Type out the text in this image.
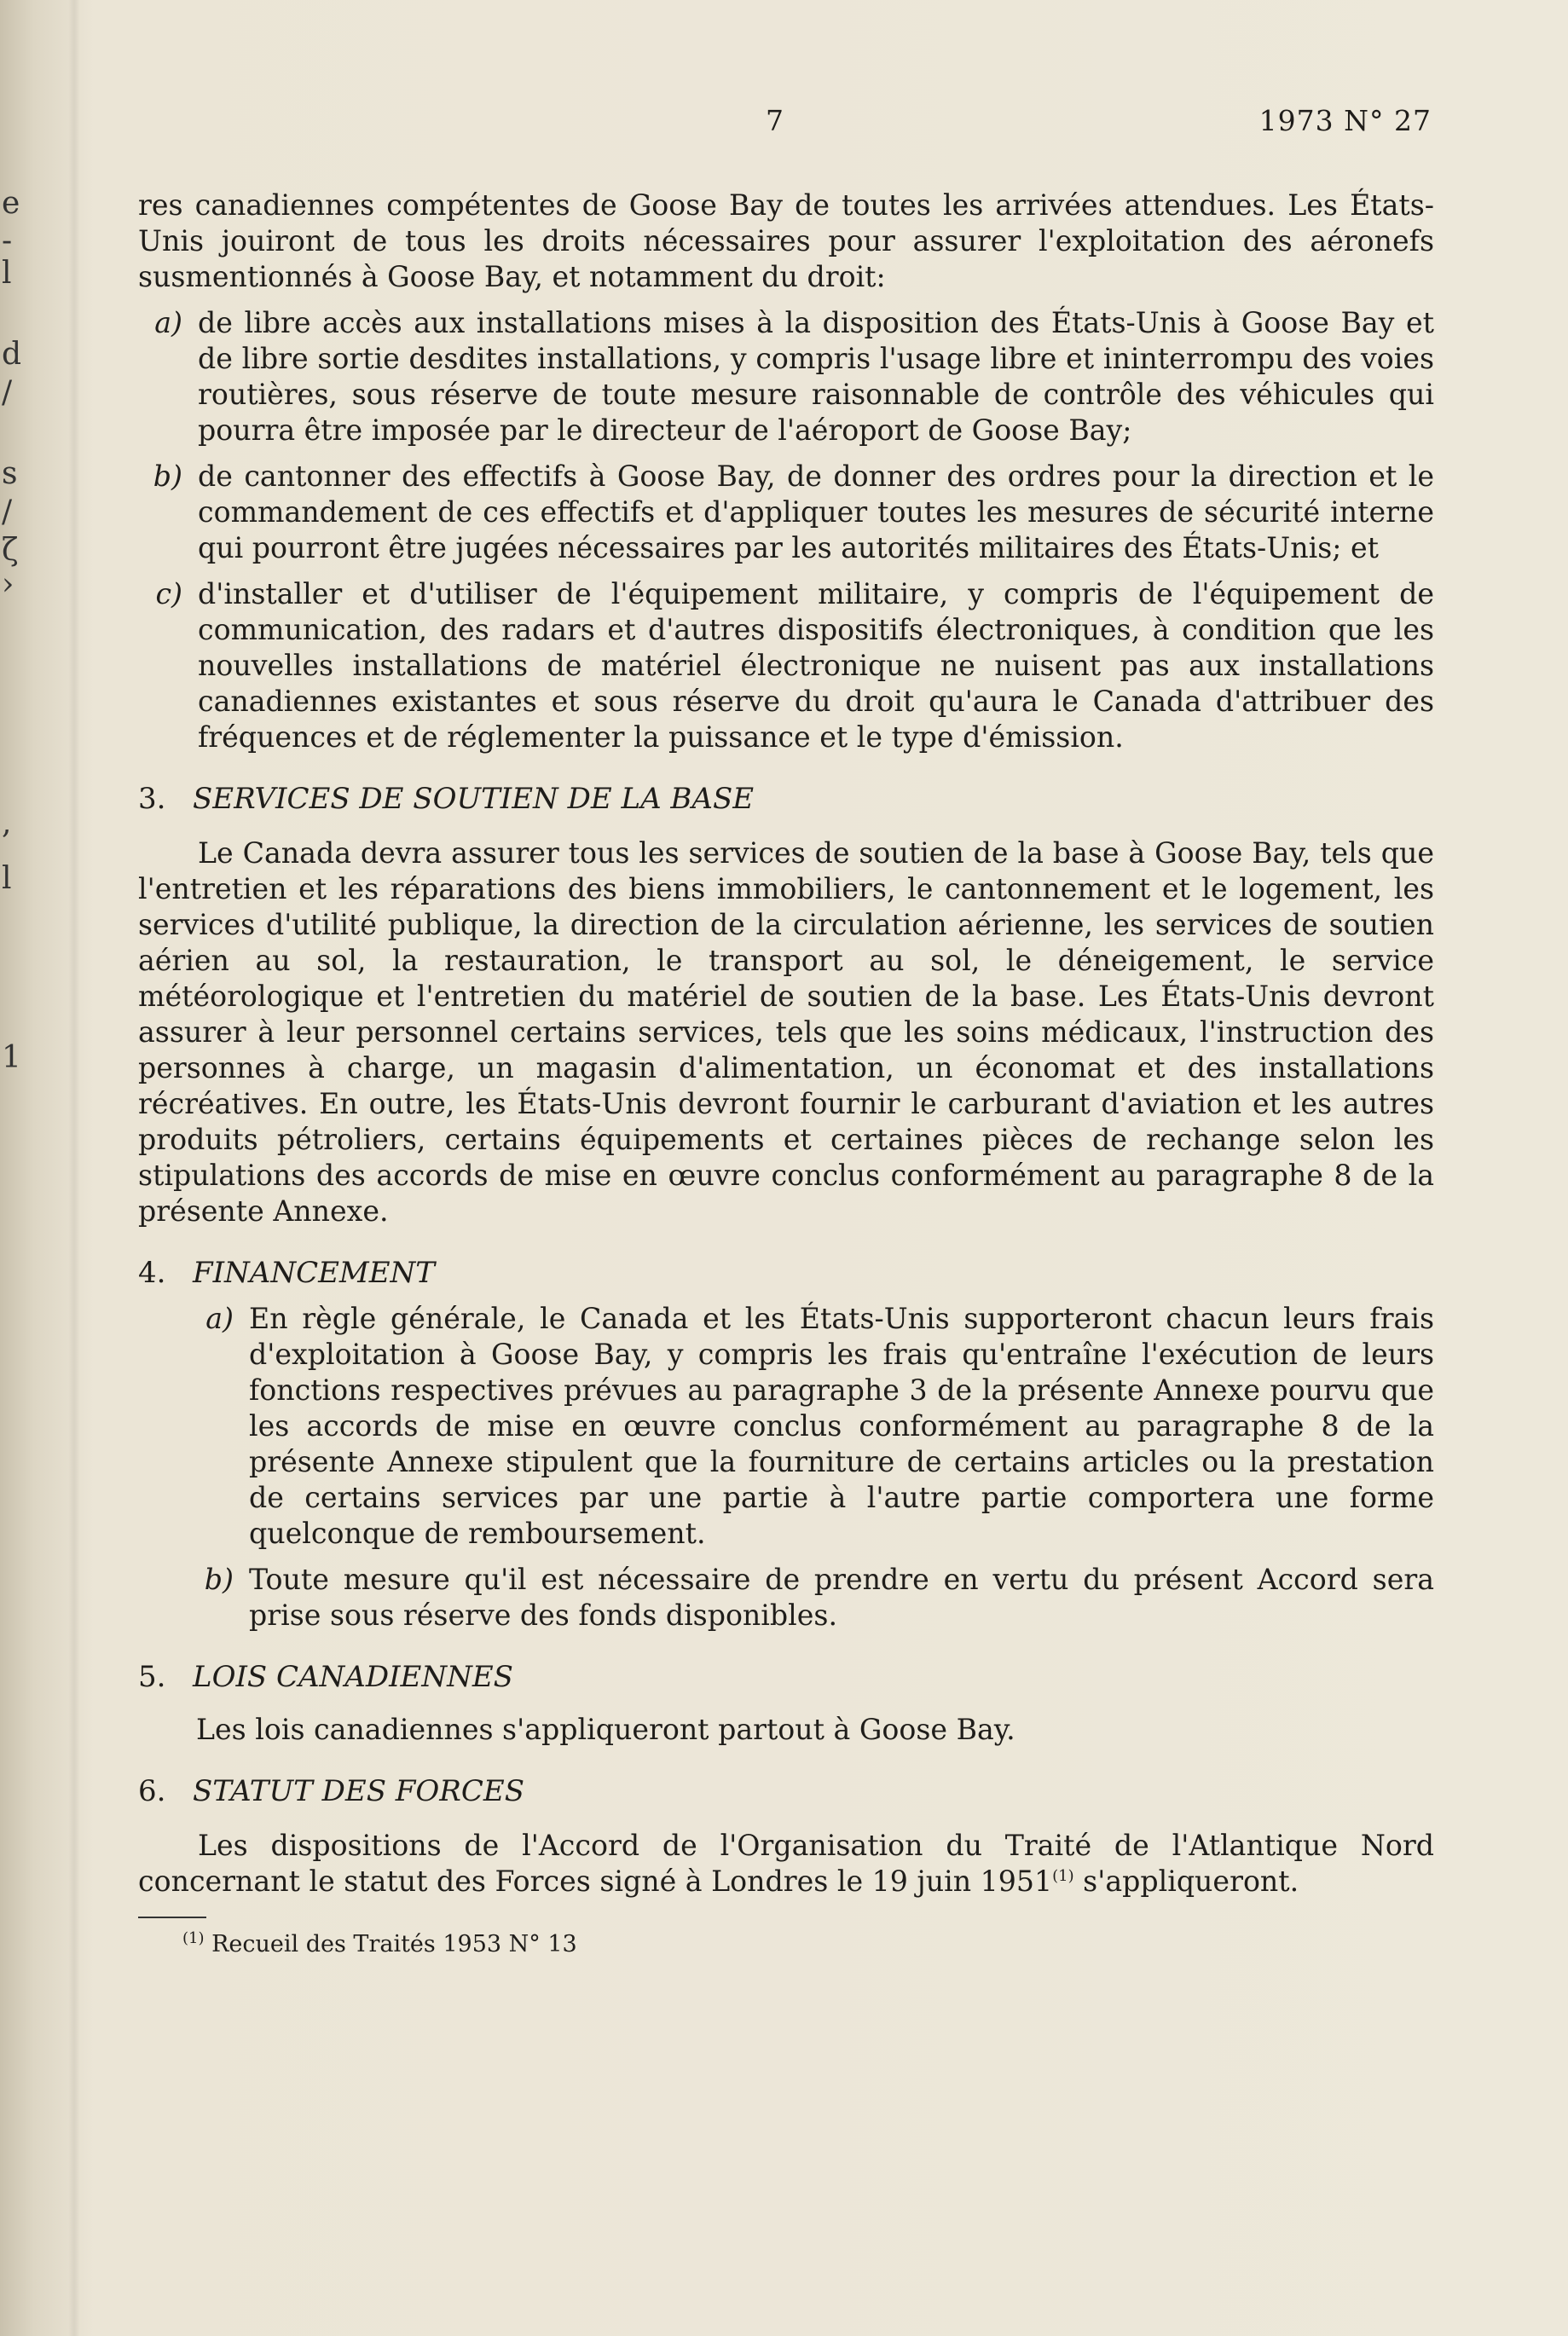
e
-
l
d
/
s
/
ζ
›
,
l
1
7	1973 N° 27

res canadiennes compétentes de Goose Bay de toutes les arrivées attendues. Les États-Unis jouiront de tous les droits nécessaires pour assurer l'exploitation des aéronefs susmentionnés à Goose Bay, et notamment du droit:

a) de libre accès aux installations mises à la disposition des États-Unis à Goose Bay et de libre sortie desdites installations, y compris l'usage libre et ininterrompu des voies routières, sous réserve de toute mesure raisonnable de contrôle des véhicules qui pourra être imposée par le directeur de l'aéroport de Goose Bay;
b) de cantonner des effectifs à Goose Bay, de donner des ordres pour la direction et le commandement de ces effectifs et d'appliquer toutes les mesures de sécurité interne qui pourront être jugées nécessaires par les autorités militaires des États-Unis; et
c) d'installer et d'utiliser de l'équipement militaire, y compris de l'équipement de communication, des radars et d'autres dispositifs électroniques, à condition que les nouvelles installations de matériel électronique ne nuisent pas aux installations canadiennes existantes et sous réserve du droit qu'aura le Canada d'attribuer des fréquences et de réglementer la puissance et le type d'émission.
3. SERVICES DE SOUTIEN DE LA BASE

Le Canada devra assurer tous les services de soutien de la base à Goose Bay, tels que l'entretien et les réparations des biens immobiliers, le cantonnement et le logement, les services d'utilité publique, la direction de la circulation aérienne, les services de soutien aérien au sol, la restauration, le transport au sol, le déneigement, le service météorologique et l'entretien du matériel de soutien de la base. Les États-Unis devront assurer à leur personnel certains services, tels que les soins médicaux, l'instruction des personnes à charge, un magasin d'alimentation, un économat et des installations récréatives. En outre, les États-Unis devront fournir le carburant d'aviation et les autres produits pétroliers, certains équipements et certaines pièces de rechange selon les stipulations des accords de mise en œuvre conclus conformément au paragraphe 8 de la présente Annexe.

4. FINANCEMENT
a) En règle générale, le Canada et les États-Unis supporteront chacun leurs frais d'exploitation à Goose Bay, y compris les frais qu'entraîne l'exécution de leurs fonctions respectives prévues au paragraphe 3 de la présente Annexe pourvu que les accords de mise en œuvre conclus conformément au paragraphe 8 de la présente Annexe stipulent que la fourniture de certains articles ou la prestation de certains services par une partie à l'autre partie comportera une forme quelconque de remboursement.
b) Toute mesure qu'il est nécessaire de prendre en vertu du présent Accord sera prise sous réserve des fonds disponibles.
5. LOIS CANADIENNES

Les lois canadiennes s'appliqueront partout à Goose Bay.

6. STATUT DES FORCES

Les dispositions de l'Accord de l'Organisation du Traité de l'Atlantique Nord concernant le statut des Forces signé à Londres le 19 juin 1951$^{(1)}$ s'appliqueront.

$^{(1)}$ Recueil des Traités 1953 N° 13
